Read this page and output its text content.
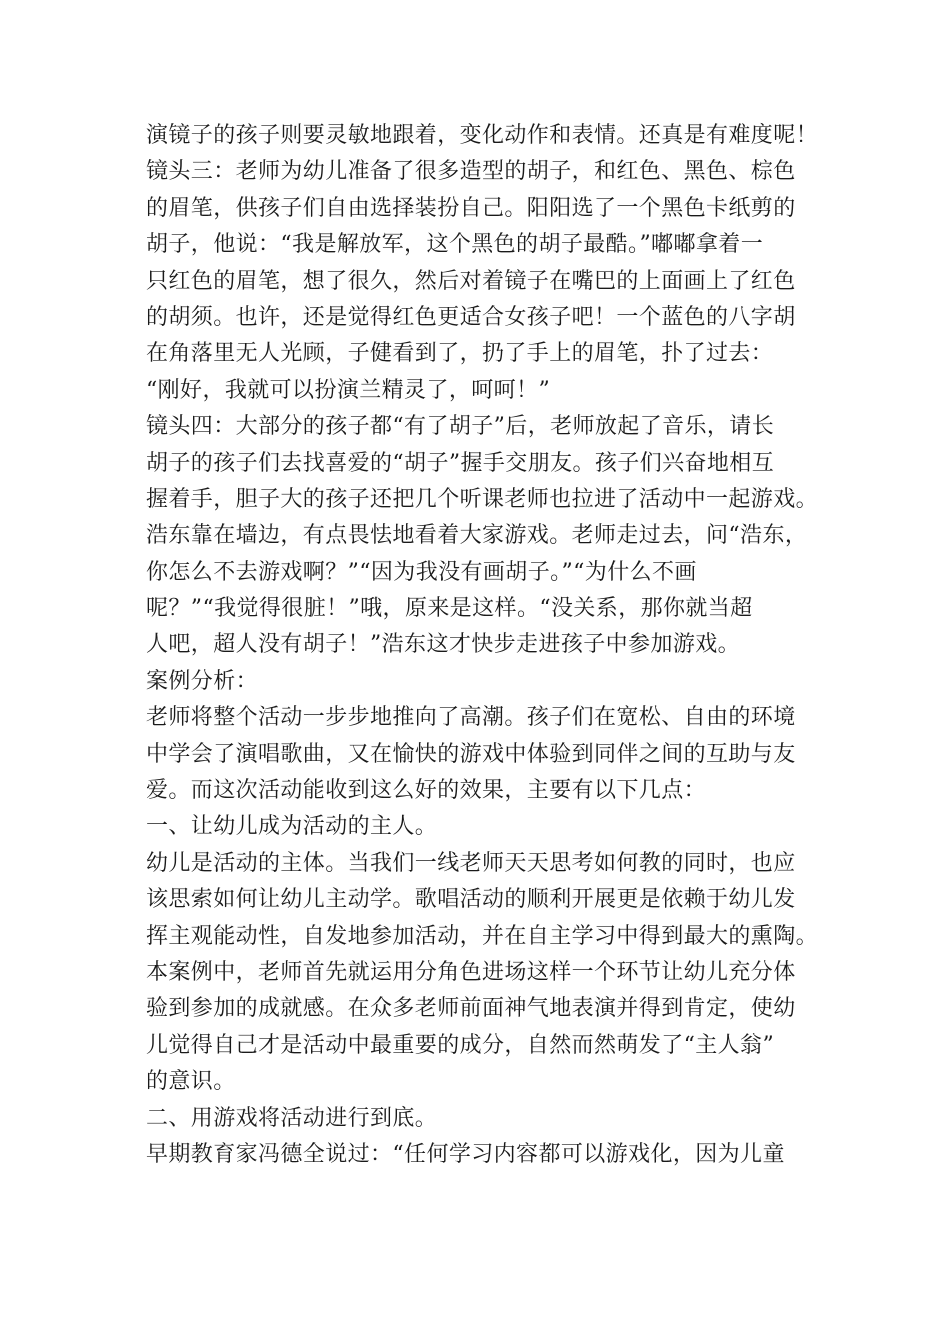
演镜子的孩子则要灵敏地跟着，变化动作和表情。还真是有难度呢！
镜头三：老师为幼儿准备了很多造型的胡子，和红色、黑色、棕色
的眉笔，供孩子们自由选择装扮自己。阳阳选了一个黑色卡纸剪的
胡子，他说：“我是解放军，这个黑色的胡子最酷。”嘟嘟拿着一
只红色的眉笔，想了很久，然后对着镜子在嘴巴的上面画上了红色
的胡须。也许，还是觉得红色更适合女孩子吧！一个蓝色的八字胡
在角落里无人光顾，子健看到了，扔了手上的眉笔，扑了过去：
“刚好，我就可以扮演兰精灵了，呵呵！”
镜头四：大部分的孩子都“有了胡子”后，老师放起了音乐，请长
胡子的孩子们去找喜爱的“胡子”握手交朋友。孩子们兴奋地相互
握着手，胆子大的孩子还把几个听课老师也拉进了活动中一起游戏。
浩东靠在墙边，有点畏怯地看着大家游戏。老师走过去，问“浩东，
你怎么不去游戏啊？”“因为我没有画胡子。”“为什么不画
呢？”“我觉得很脏！”哦，原来是这样。“没关系，那你就当超
人吧，超人没有胡子！”浩东这才快步走进孩子中参加游戏。
案例分析：
老师将整个活动一步步地推向了高潮。孩子们在宽松、自由的环境
中学会了演唱歌曲，又在愉快的游戏中体验到同伴之间的互助与友
爱。而这次活动能收到这么好的效果，主要有以下几点：
一、让幼儿成为活动的主人。
幼儿是活动的主体。当我们一线老师天天思考如何教的同时，也应
该思索如何让幼儿主动学。歌唱活动的顺利开展更是依赖于幼儿发
挥主观能动性，自发地参加活动，并在自主学习中得到最大的熏陶。
本案例中，老师首先就运用分角色进场这样一个环节让幼儿充分体
验到参加的成就感。在众多老师前面神气地表演并得到肯定，使幼
儿觉得自己才是活动中最重要的成分，自然而然萌发了“主人翁”
的意识。
二、用游戏将活动进行到底。
早期教育家冯德全说过：“任何学习内容都可以游戏化，因为儿童
